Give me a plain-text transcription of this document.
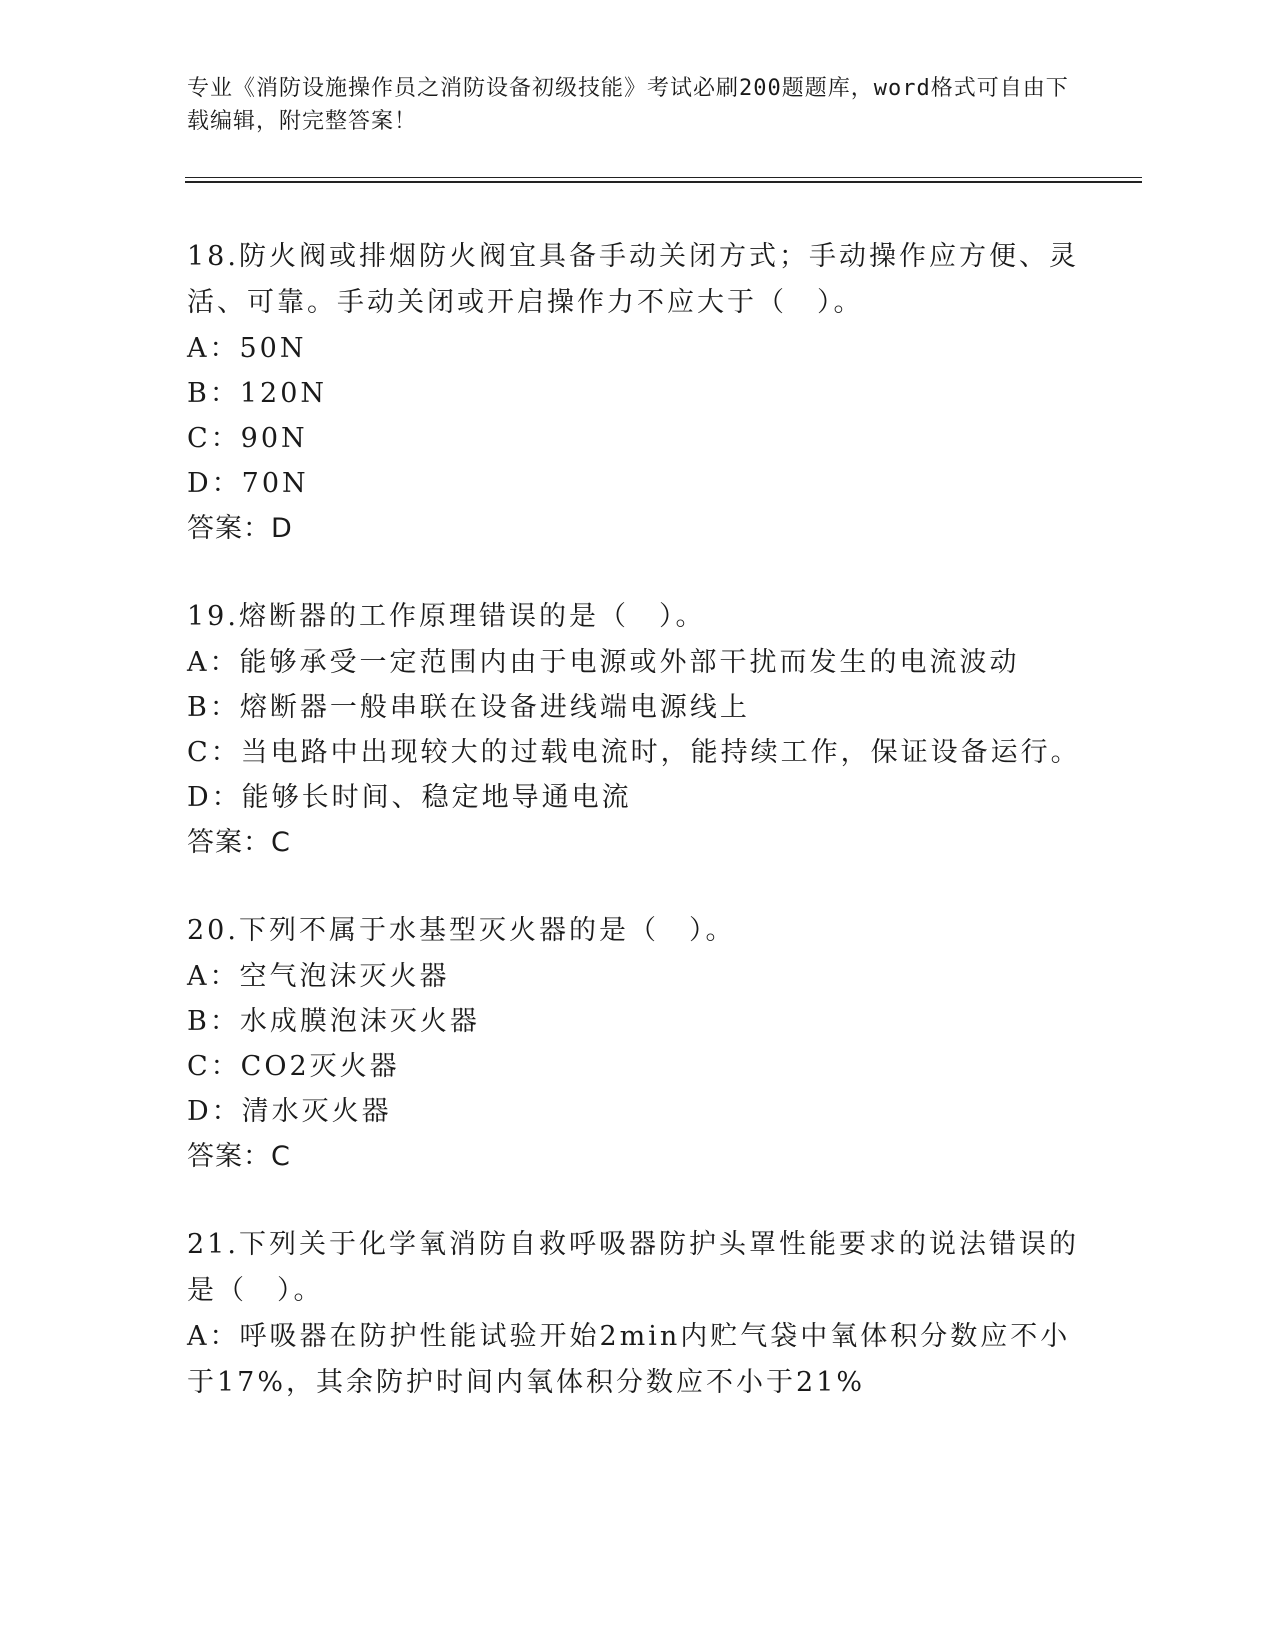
专业《消防设施操作员之消防设备初级技能》考试必刷200题题库，word格式可自由下载编辑，附完整答案！
18.防火阀或排烟防火阀宜具备手动关闭方式；手动操作应方便、灵活、可靠。手动关闭或开启操作力不应大于（　）。
A：50N
B：120N
C：90N
D：70N
答案：D
19.熔断器的工作原理错误的是（　）。
A：能够承受一定范围内由于电源或外部干扰而发生的电流波动
B：熔断器一般串联在设备进线端电源线上
C：当电路中出现较大的过载电流时，能持续工作，保证设备运行。
D：能够长时间、稳定地导通电流
答案：C
20.下列不属于水基型灭火器的是（　）。
A：空气泡沫灭火器
B：水成膜泡沫灭火器
C：CO2灭火器
D：清水灭火器
答案：C
21.下列关于化学氧消防自救呼吸器防护头罩性能要求的说法错误的是（　）。
A：呼吸器在防护性能试验开始2min内贮气袋中氧体积分数应不小于17%，其余防护时间内氧体积分数应不小于21%
